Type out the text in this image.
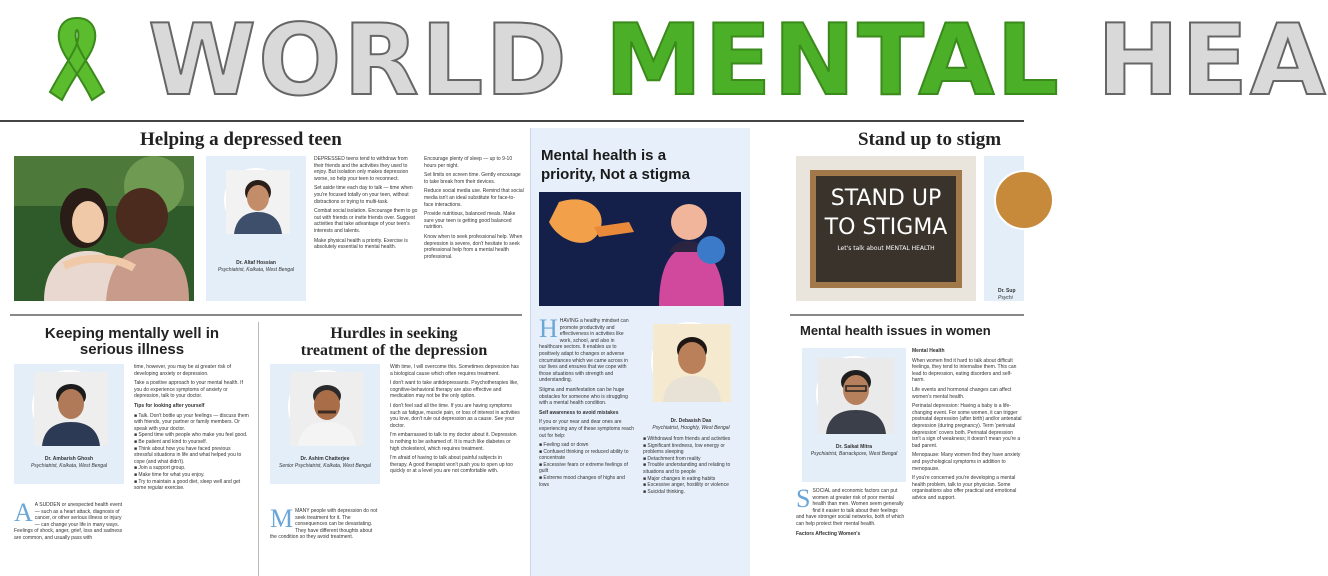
WORLD MENTAL HEA
Helping a depressed teen
Dr. Altaf Hossian
Psychiatrist, Kolkata, West Bengal

DEPRESSED teens tend to withdraw from their friends and the activities they used to enjoy. But isolation only makes depression worse, so help your teen to reconnect.

Set aside time each day to talk — time when you're focused totally on your teen, without distractions or trying to multi-task.

Combat social isolation. Encourage them to go out with friends or invite friends over. Suggest activities that take advantage of your teen's interests and talents.

Make physical health a priority. Exercise is absolutely essential to mental health.

Encourage plenty of sleep — up to 9-10 hours per night.

Set limits on screen time. Gently encourage to take break from their devices.

Reduce social media use. Remind that social media isn't an ideal substitute for face-to-face interactions.

Provide nutritious, balanced meals. Make sure your teen is getting good balanced nutrition.

Know when to seek professional help. When depression is severe, don't hesitate to seek professional help from a mental health professional.

Mental health is a
priority, Not a stigma
Dr. Debasish Das
Psychiatrist, Hooghly, West Bengal

HHAVING a healthy mindset can promote productivity and effectiveness in activities like work, school, and also in healthcare sectors. It enables us to positively adapt to changes or adverse circumstances which we came across in our lives and ensures that we cope with those situations with strength and understanding.

Stigma and manifestation can be huge obstacles for someone who is struggling with a mental health condition.

Self awareness to avoid mistakes

If you or your near and dear ones are experiencing any of these symptoms reach out for help:

■ Feeling sad or down
■ Confused thinking or reduced ability to concentrate
■ Excessive fears or extreme feelings of guilt
■ Extreme mood changes of highs and lows
■ Withdrawal from friends and activities
■ Significant tiredness, low energy or problems sleeping
■ Detachment from reality
■ Trouble understanding and relating to situations and to people
■ Major changes in eating habits
■ Excessive anger, hostility or violence
■ Suicidal thinking.
Stand up to stigm
STAND UP
TO STIGMA
Let's talk about MENTAL HEALTH
Dr. Sup
Psychi
Keeping mentally well in
serious illness
Dr. Ambarish Ghosh
Psychiatrist, Kolkata, West Bengal

A A SUDDEN or unexpected health event — such as a heart attack, diagnosis of cancer, or other serious illness or injury — can change your life in many ways. Feelings of shock, anger, grief, loss and sadness are common, and usually pass with

time, however, you may be at greater risk of developing anxiety or depression.

Take a positive approach to your mental health. If you do experience symptoms of anxiety or depression, talk to your doctor.

Tips for looking after yourself

■ Talk. Don't bottle up your feelings — discuss them with friends, your partner or family members. Or speak with your doctor.
■ Spend time with people who make you feel good.
■ Be patient and kind to yourself.
■ Think about how you have faced previous stressful situations in life and what helped you to cope (and what didn't).
■ Join a support group.
■ Make time for what you enjoy.
■ Try to maintain a good diet, sleep well and get some regular exercise.
Hurdles in seeking
treatment of the depression
Dr. Ashim Chatterjee
Senior Psychiatrist, Kolkata, West Bengal

MMANY people with depression do not seek treatment for it. The consequences can be devastating. They have different thoughts about the condition so they avoid treatment.

With time, I will overcome this. Sometimes depression has a biological cause which often requires treatment.

I don't want to take antidepressants. Psychotherapies like, cognitive-behavioral therapy are also effective and medication may not be the only option.

I don't feel sad all the time. If you are having symptoms such as fatigue, muscle pain, or loss of interest in activities you love, don't rule out depression as a cause. See your doctor.

I'm embarrassed to talk to my doctor about it. Depression is nothing to be ashamed of. It is much like diabetes or high cholesterol, which requires treatment.

I'm afraid of having to talk about painful subjects in therapy. A good therapist won't push you to open up too quickly or at a level you are not comfortable with.

Mental health issues in women
Dr. Saikat Mitra
Psychiatrist, Barrackpore, West Bengal

SSOCIAL and economic factors can put women at greater risk of poor mental health than men. Women seem generally find it easier to talk about their feelings and have stronger social networks, both of which can help protect their mental health.

Factors Affecting Women's

Mental Health

When women find it hard to talk about difficult feelings, they tend to internalise them. This can lead to depression, eating disorders and self-harm.

Life events and hormonal changes can affect women's mental health.

Perinatal depression: Having a baby is a life-changing event. For some women, it can trigger postnatal depression (after birth) and/or antenatal depression (during pregnancy). Term 'perinatal depression' covers both. Perinatal depression isn't a sign of weakness; it doesn't mean you're a bad parent.

Menopause: Many women find they have anxiety and psychological symptoms in addition to menopause.

If you're concerned you're developing a mental health problem, talk to your physician. Some organisations also offer practical and emotional advice and support.
